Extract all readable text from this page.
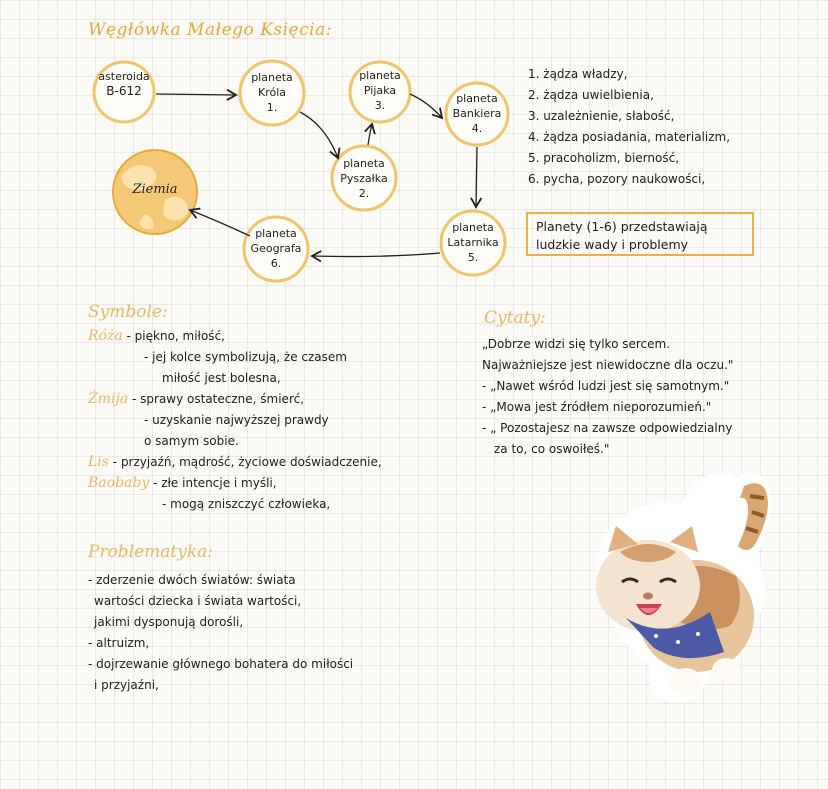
Węgłówka Małego Księcia:
asteroida
B-612
planeta
Króla
1.
planeta
Pijaka
3.
planeta
Bankiera
4.
planeta
Pyszałka
2.
planeta
Latarnika
5.
planeta
Geografa
6.
Ziemia
1. żądza władzy,
2. żądza uwielbienia,
3. uzależnienie, słabość,
4. żądza posiadania, materializm,
5. pracoholizm, bierność,
6. pycha, pozory naukowości,
Planety (1-6) przedstawiają
ludzkie wady i problemy
Symbole:
Róża - piękno, miłość,
- jej kolce symbolizują, że czasem
miłość jest bolesna,
Żmija - sprawy ostateczne, śmierć,
- uzyskanie najwyższej prawdy
o samym sobie.
Lis - przyjaźń, mądrość, życiowe doświadczenie,
Baobaby - złe intencje i myśli,
- mogą zniszczyć człowieka,
Cytaty:
„Dobrze widzi się tylko sercem.
Najważniejsze jest niewidoczne dla oczu."
- „Nawet wśród ludzi jest się samotnym."
- „Mowa jest źródłem nieporozumień."
- „ Pozostajesz na zawsze odpowiedzialny
za to, co oswoiłeś."
Problematyka:
- zderzenie dwóch światów: świata
wartości dziecka i świata wartości,
jakimi dysponują dorośli,
- altruizm,
- dojrzewanie głównego bohatera do miłości
i przyjaźni,
